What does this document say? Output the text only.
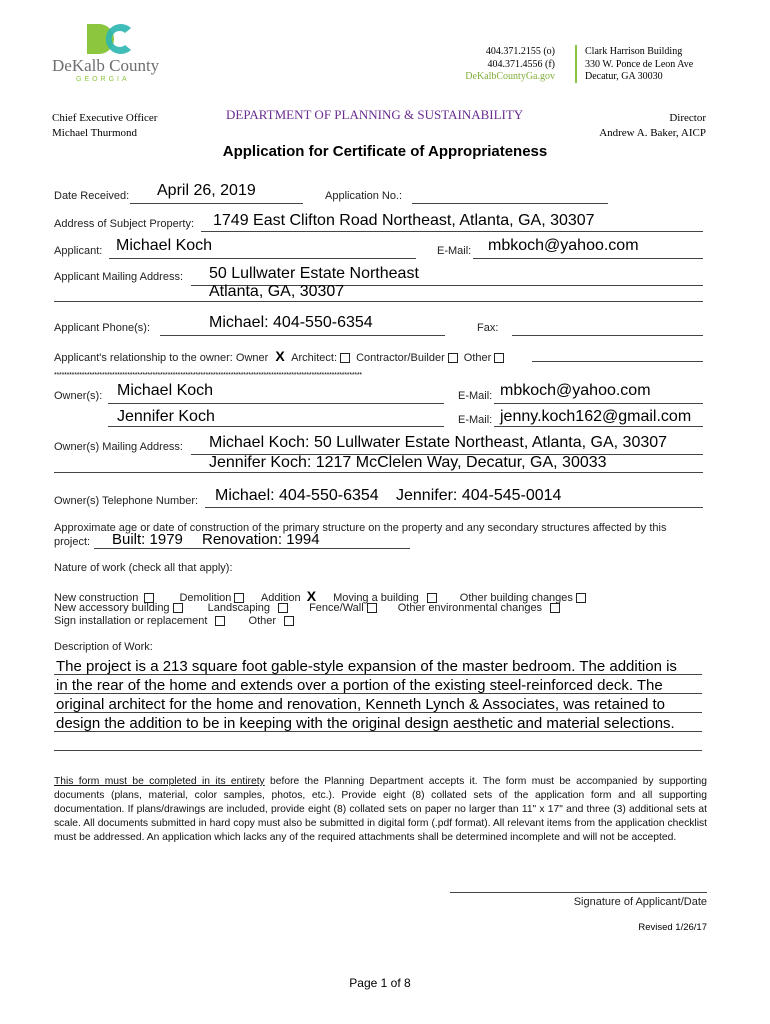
DeKalb County
GEORGIA
404.371.2155 (o)
404.371.4556 (f)
DeKalbCountyGa.gov
Clark Harrison Building
330 W. Ponce de Leon Ave
Decatur, GA 30030
Chief Executive Officer
Michael Thurmond
DEPARTMENT OF PLANNING & SUSTAINABILITY	Director
Andrew A. Baker, AICP
Application for Certificate of Appropriateness
Date Received: April 26, 2019	Application No.:
Address of Subject Property: 1749 East Clifton Road Northeast, Atlanta, GA, 30307
Applicant: Michael Koch	E-Mail: mbkoch@yahoo.com
Applicant Mailing Address: 50 Lullwater Estate Northeast
Atlanta, GA, 30307
Applicant Phone(s):	Michael: 404-550-6354	Fax:
Applicant's relationship to the owner: Owner X Architect: Contractor/Builder Other
**************************************************************************************************************************
Owner(s): Michael Koch	E-Mail: mbkoch@yahoo.com
Jennifer Koch	E-Mail: jenny.koch162@gmail.com
Owner(s) Mailing Address: Michael Koch: 50 Lullwater Estate Northeast, Atlanta, GA, 30307
Jennifer Koch: 1217 McClelen Way, Decatur, GA, 30033
Owner(s) Telephone Number: Michael: 404-550-6354 Jennifer: 404-545-0014
Approximate age or date of construction of the primary structure on the property and any secondary structures affected by this
project: Built: 1979 Renovation: 1994
Nature of work (check all that apply):
New construction	Demolition	Addition X Moving a building	Other building changes
New accessory building	Landscaping	Fence/Wall	Other environmental changes
Sign installation or replacement	Other
Description of Work:
The project is a 213 square foot gable-style expansion of the master bedroom. The addition is
in the rear of the home and extends over a portion of the existing steel-reinforced deck. The
original architect for the home and renovation, Kenneth Lynch & Associates, was retained to
design the addition to be in keeping with the original design aesthetic and material selections.
This form must be completed in its entirety before the Planning Department accepts it. The form must be accompanied by supporting documents (plans, material, color samples, photos, etc.). Provide eight (8) collated sets of the application form and all supporting documentation. If plans/drawings are included, provide eight (8) collated sets on paper no larger than 11" x 17" and three (3) additional sets at scale. All documents submitted in hard copy must also be submitted in digital form (.pdf format). All relevant items from the application checklist must be addressed. An application which lacks any of the required attachments shall be determined incomplete and will not be accepted.
Signature of Applicant/Date
Revised 1/26/17
Page 1 of 8
